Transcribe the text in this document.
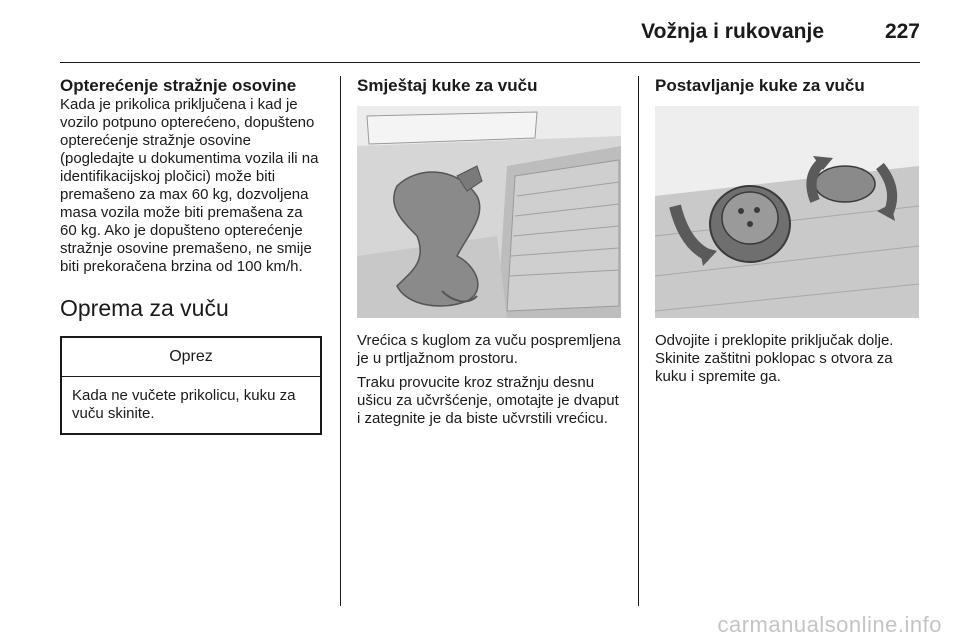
Vožnja i rukovanje	227
Opterećenje stražnje osovine
Kada je prikolica priključena i kad je vozilo potpuno opterećeno, dopušteno opterećenje stražnje osovine (pogledajte u dokumentima vozila ili na identifikacijskoj pločici) može biti premašeno za max 60 kg, dozvoljena masa vozila može biti premašena za 60 kg. Ako je dopušteno opterećenje stražnje osovine premašeno, ne smije biti prekoračena brzina od 100 km/h.
Oprema za vuču
Oprez
Kada ne vučete prikolicu, kuku za vuču skinite.
Smještaj kuke za vuču
Vrećica s kuglom za vuču pospremljena je u prtljažnom prostoru.
Traku provucite kroz stražnju desnu ušicu za učvršćenje, omotajte je dvaput i zategnite je da biste učvrstili vrećicu.
Postavljanje kuke za vuču
Odvojite i preklopite priključak dolje. Skinite zaštitni poklopac s otvora za kuku i spremite ga.
carmanualsonline.info
